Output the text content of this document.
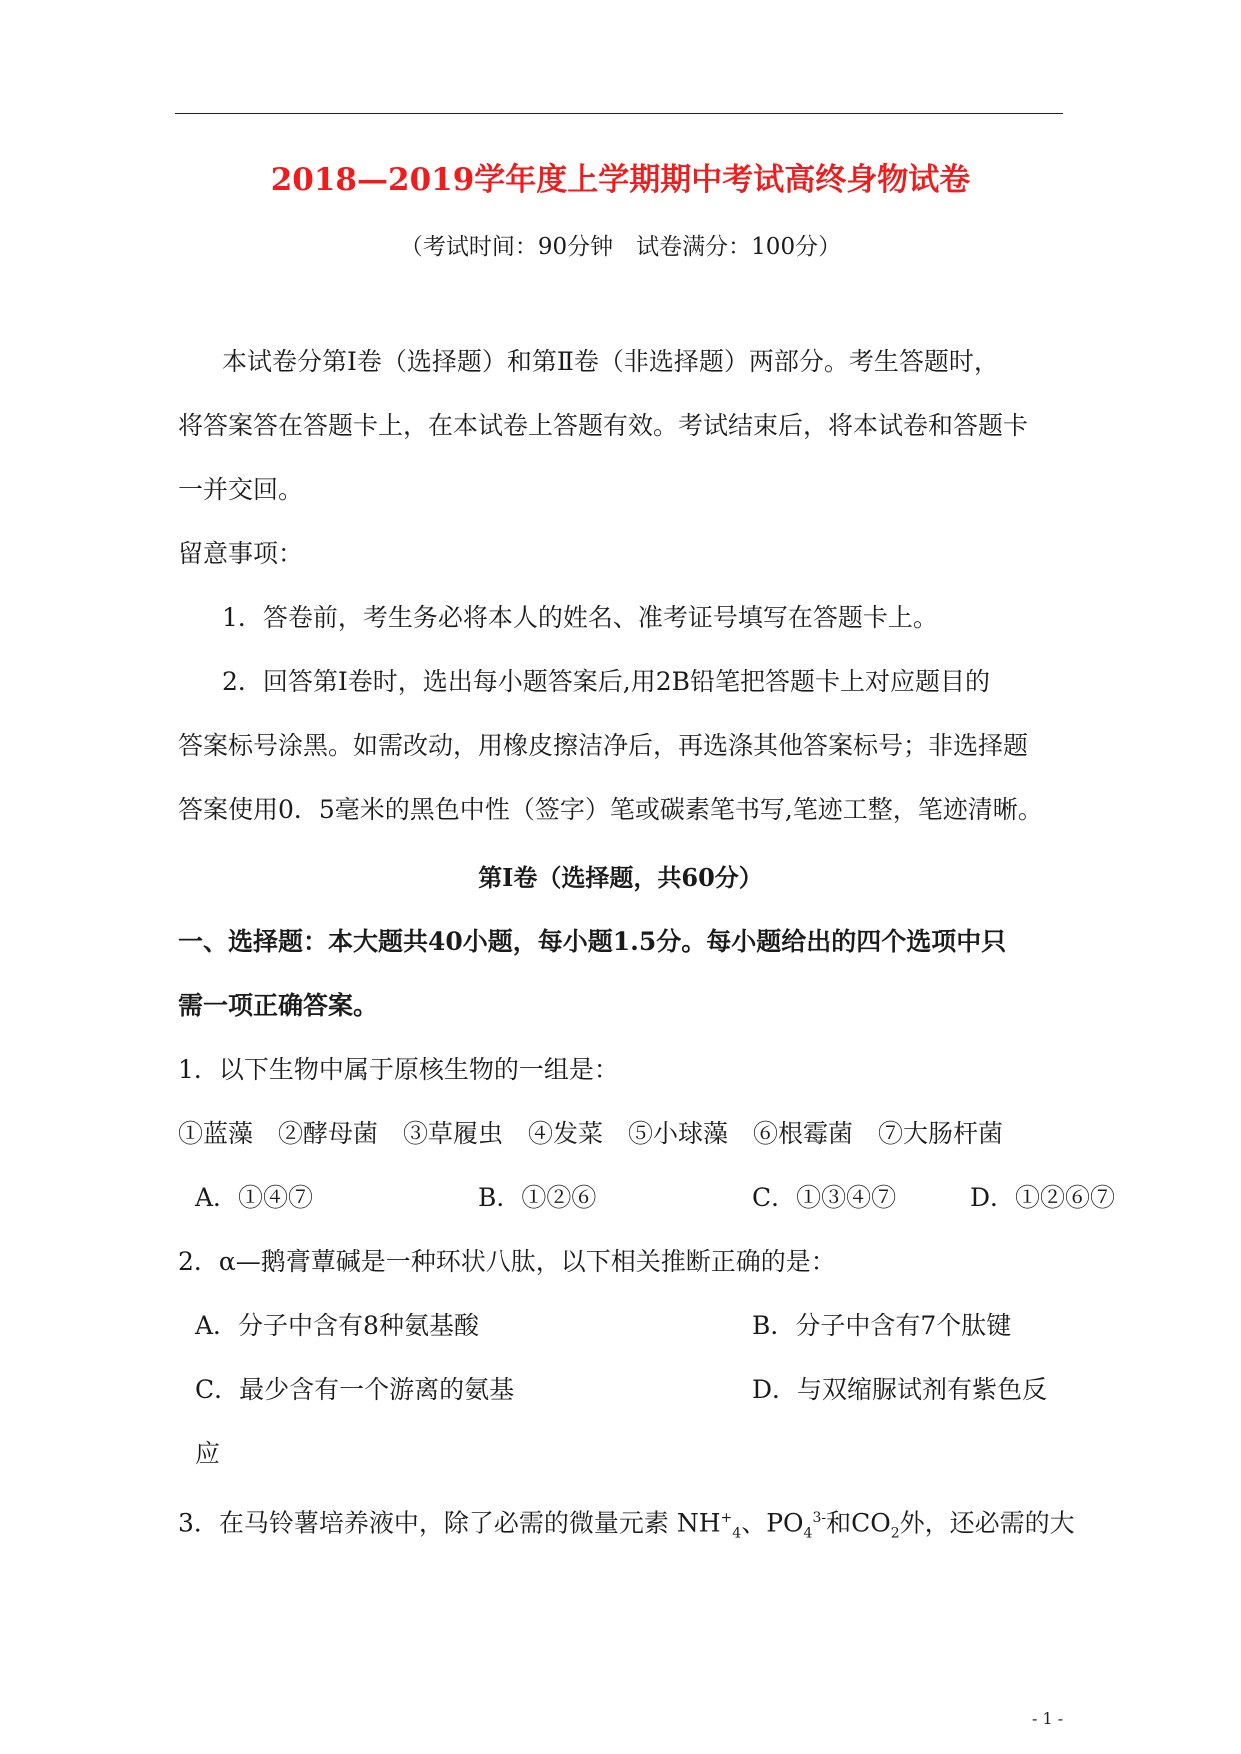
2018—2019学年度上学期期中考试高终身物试卷
（考试时间：90分钟　试卷满分：100分）
本试卷分第Ⅰ卷（选择题）和第Ⅱ卷（非选择题）两部分。考生答题时，
将答案答在答题卡上，在本试卷上答题有效。考试结束后，将本试卷和答题卡
一并交回。
留意事项：
1．答卷前，考生务必将本人的姓名、准考证号填写在答题卡上。
2．回答第Ⅰ卷时，选出每小题答案后,用2B铅笔把答题卡上对应题目的
答案标号涂黑。如需改动，用橡皮擦洁净后，再选涤其他答案标号；非选择题
答案使用0．5毫米的黑色中性（签字）笔或碳素笔书写,笔迹工整，笔迹清晰。
第Ⅰ卷（选择题，共60分）
一、选择题：本大题共40小题，每小题1.5分。每小题给出的四个选项中只
需一项正确答案。
1．以下生物中属于原核生物的一组是：
①蓝藻　②酵母菌　③草履虫　④发菜　⑤小球藻　⑥根霉菌　⑦大肠杆菌
A．①④⑦	B．①②⑥	C．①③④⑦	D．①②⑥⑦
2．α—鹅膏蕈碱是一种环状八肽，以下相关推断正确的是：
A．分子中含有8种氨基酸	B．分子中含有7个肽键
C．最少含有一个游离的氨基	D．与双缩脲试剂有紫色反
应
3．在马铃薯培养液中，除了必需的微量元素 $NH^+_4$、$PO_4^{3-}$和$CO_2$外，还必需的大
- 1 -
